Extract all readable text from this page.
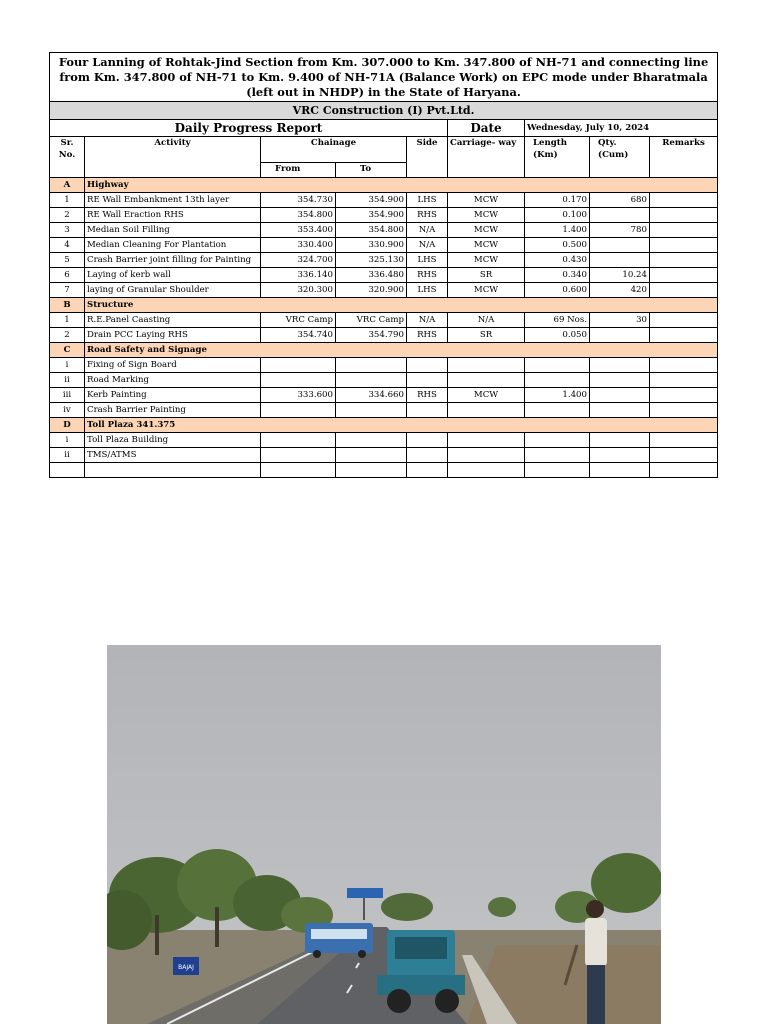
Four Lanning of Rohtak-Jind Section from Km. 307.000 to Km. 347.800 of NH-71 and connecting line from Km. 347.800 of NH-71 to Km. 9.400 of NH-71A (Balance Work) on EPC mode under Bharatmala (left out in NHDP) in the State of Haryana.								
VRC Construction (I) Pvt.Ltd.								
Daily Progress Report					Date	Wednesday, July 10, 2024		
Sr. No.	Activity	Chainage		Side	Carriage- way	Length (Km)	Qty. (Cum)	Remarks
		From	To					
A	Highway							
1	RE Wall Embankment 13th layer	354.730	354.900	LHS	MCW	0.170	680	
2	RE Wall Eraction RHS	354.800	354.900	RHS	MCW	0.100		
3	Median Soil Filling	353.400	354.800	N/A	MCW	1.400	780	
4	Median Cleaning For Plantation	330.400	330.900	N/A	MCW	0.500		
5	Crash Barrier joint filling for Painting	324.700	325.130	LHS	MCW	0.430		
6	Laying of kerb wall	336.140	336.480	RHS	SR	0.340	10.24	
7	laying of Granular Shoulder	320.300	320.900	LHS	MCW	0.600	420	
B	Structure							
1	R.E.Panel Caasting	VRC Camp	VRC Camp	N/A	N/A	69 Nos.	30	
2	Drain PCC Laying RHS	354.740	354.790	RHS	SR	0.050		
C	Road Safety and Signage							
i	Fixing of Sign Board							
ii	Road Marking							
iii	Kerb Painting	333.600	334.660	RHS	MCW	1.400		
iv	Crash Barrier Painting							
D	Toll Plaza 341.375							
i	Toll Plaza Building							
ii	TMS/ATMS							

BAJAJ
